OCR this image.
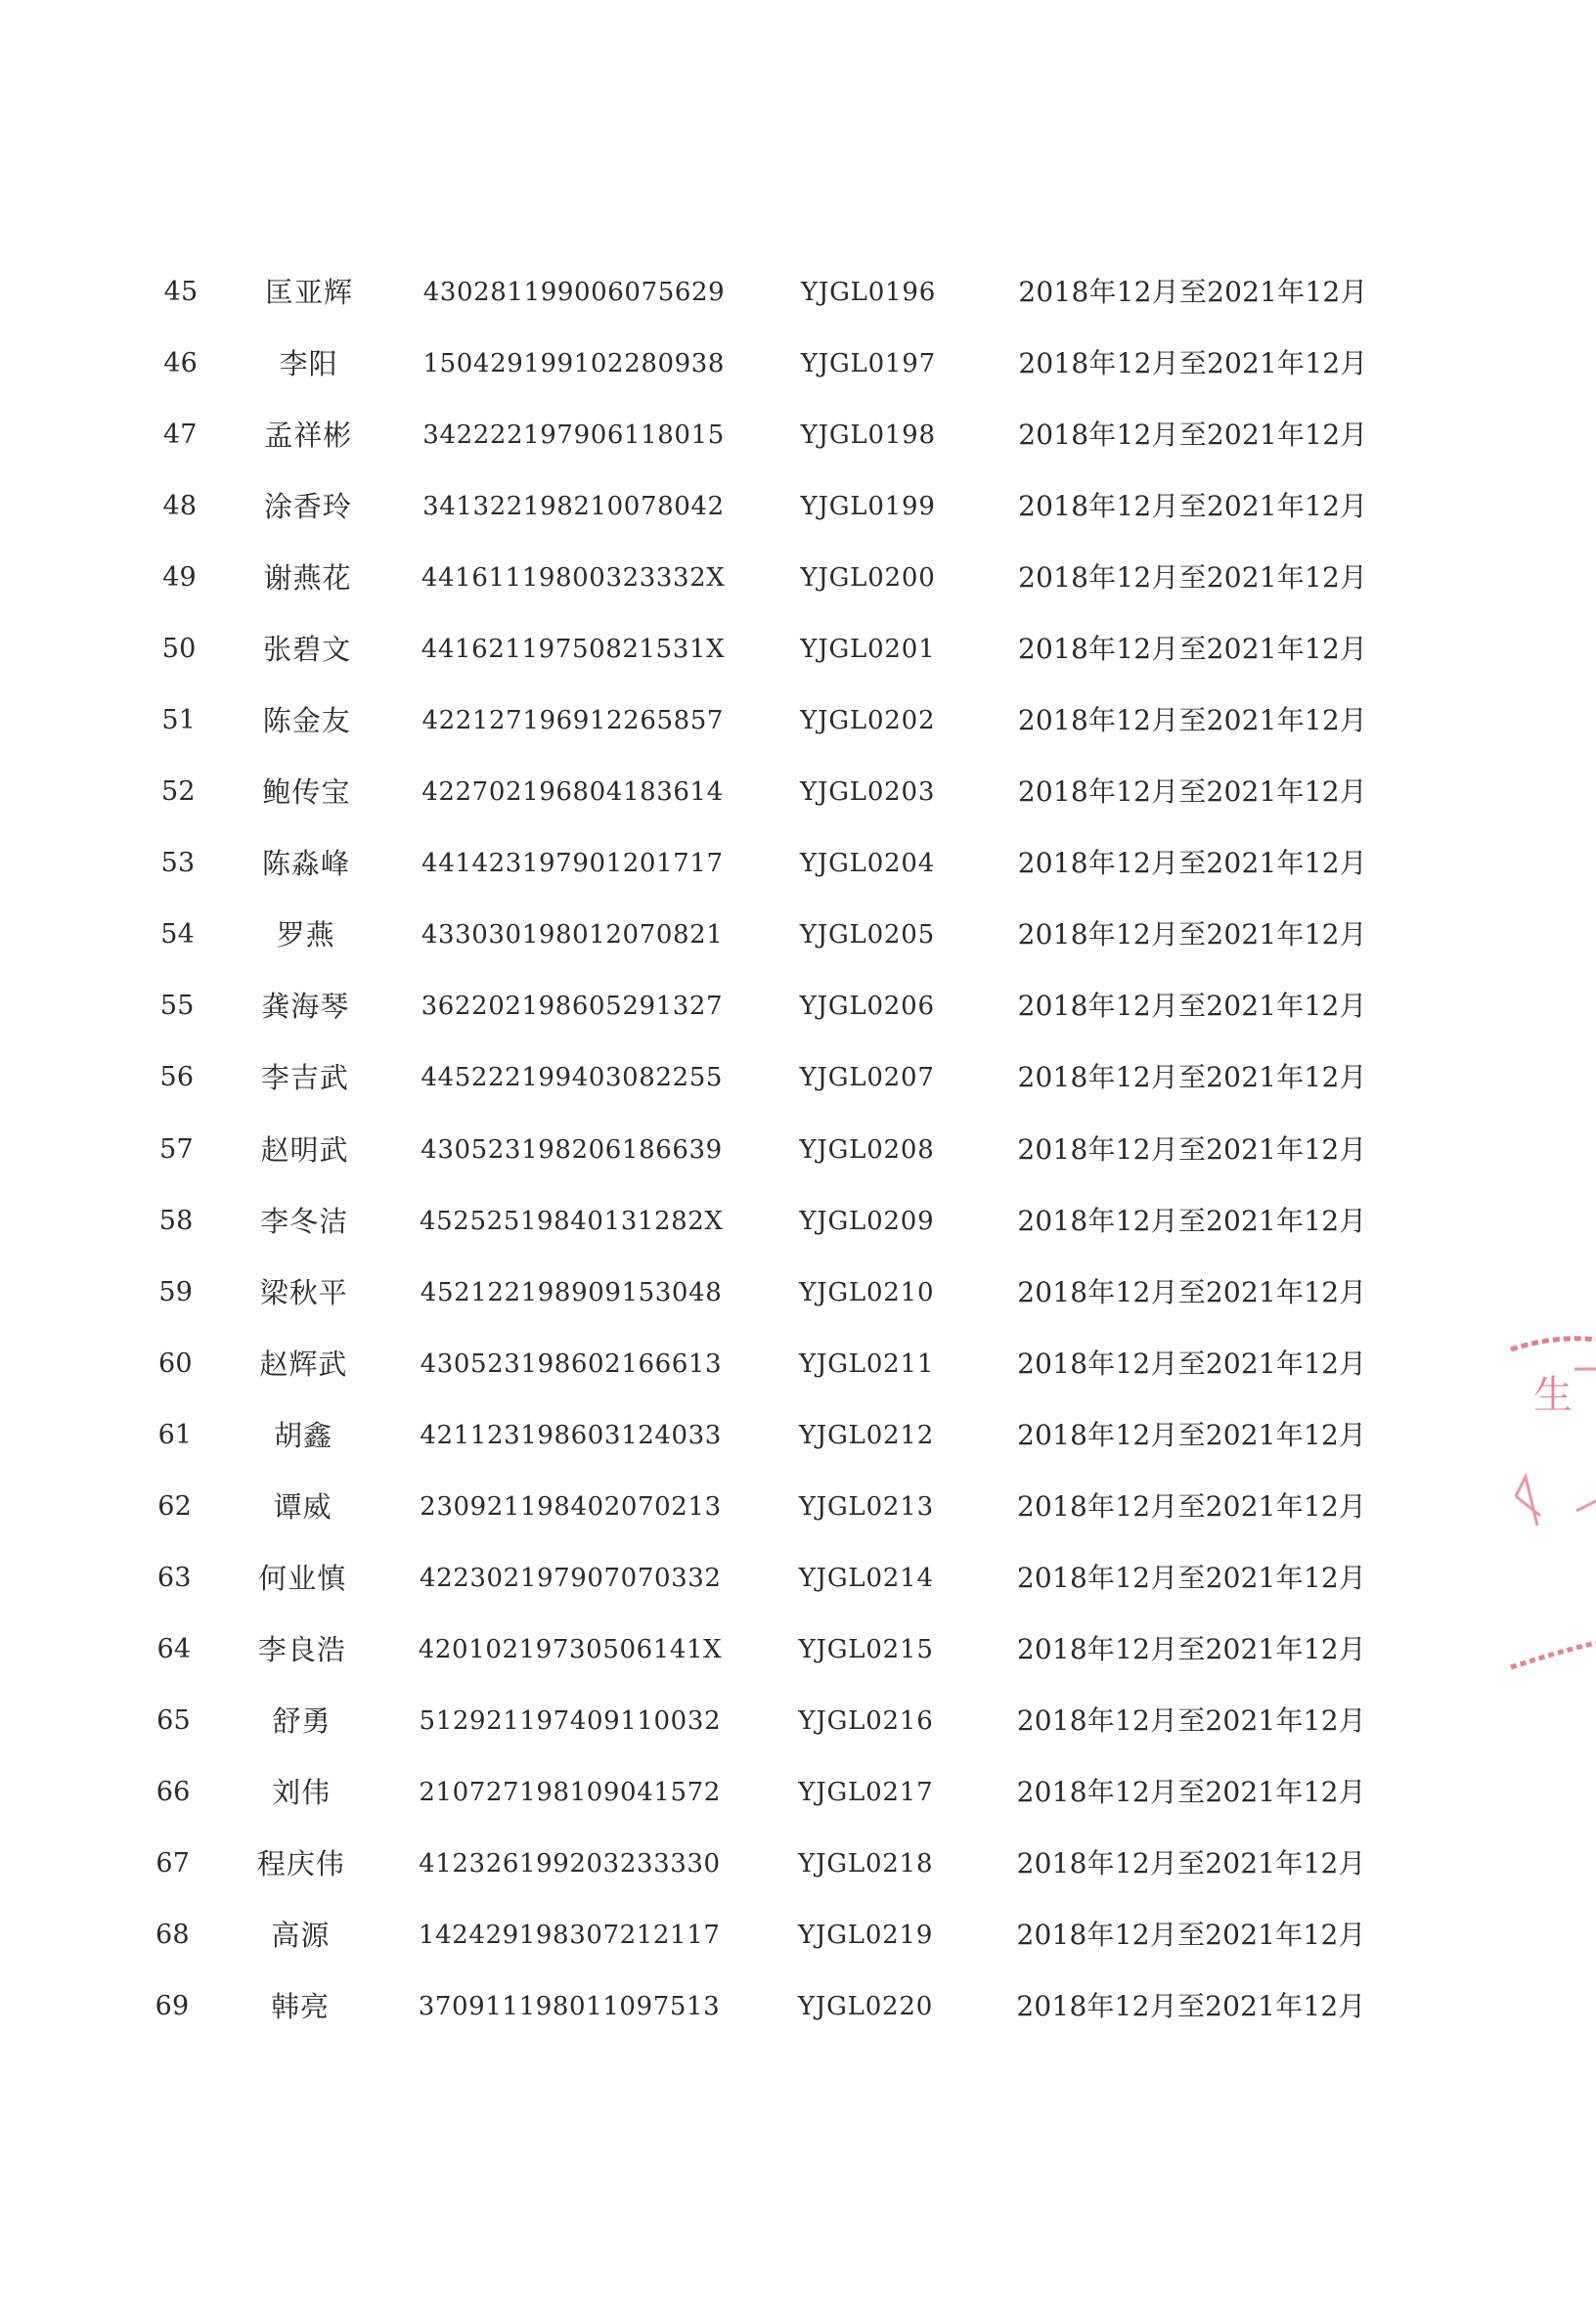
45 匡亚辉	430281199006075629	YJGL0196	2018年12月至2021年12月
46	李阳	150429199102280938	YJGL0197	2018年12月至2021年12月
47 孟祥彬	342222197906118015	YJGL0198	2018年12月至2021年12月
48 涂香玲	341322198210078042	YJGL0199	2018年12月至2021年12月
49 谢燕花	44161119800323332X	YJGL0200	2018年12月至2021年12月
50 张碧文	44162119750821531X	YJGL0201	2018年12月至2021年12月
51 陈金友	422127196912265857	YJGL0202	2018年12月至2021年12月
52 鲍传宝	422702196804183614	YJGL0203	2018年12月至2021年12月
53 陈淼峰	441423197901201717	YJGL0204	2018年12月至2021年12月
54	罗燕	433030198012070821	YJGL0205	2018年12月至2021年12月
55 龚海琴	362202198605291327	YJGL0206	2018年12月至2021年12月
56 李吉武	445222199403082255	YJGL0207	2018年12月至2021年12月
57 赵明武	430523198206186639	YJGL0208	2018年12月至2021年12月
58 李冬洁	45252519840131282X	YJGL0209	2018年12月至2021年12月
59 梁秋平	452122198909153048	YJGL0210	2018年12月至2021年12月
60 赵辉武	430523198602166613	YJGL0211	2018年12月至2021年12月
61	胡鑫	421123198603124033	YJGL0212	2018年12月至2021年12月
62	谭威	230921198402070213	YJGL0213	2018年12月至2021年12月
63 何业慎	422302197907070332	YJGL0214	2018年12月至2021年12月
64 李良浩	42010219730506141X	YJGL0215	2018年12月至2021年12月
65	舒勇	512921197409110032	YJGL0216	2018年12月至2021年12月
66	刘伟	210727198109041572	YJGL0217	2018年12月至2021年12月
67 程庆伟	412326199203233330	YJGL0218	2018年12月至2021年12月
68	高源	142429198307212117	YJGL0219	2018年12月至2021年12月
69	韩亮	370911198011097513	YJGL0220	2018年12月至2021年12月
生
